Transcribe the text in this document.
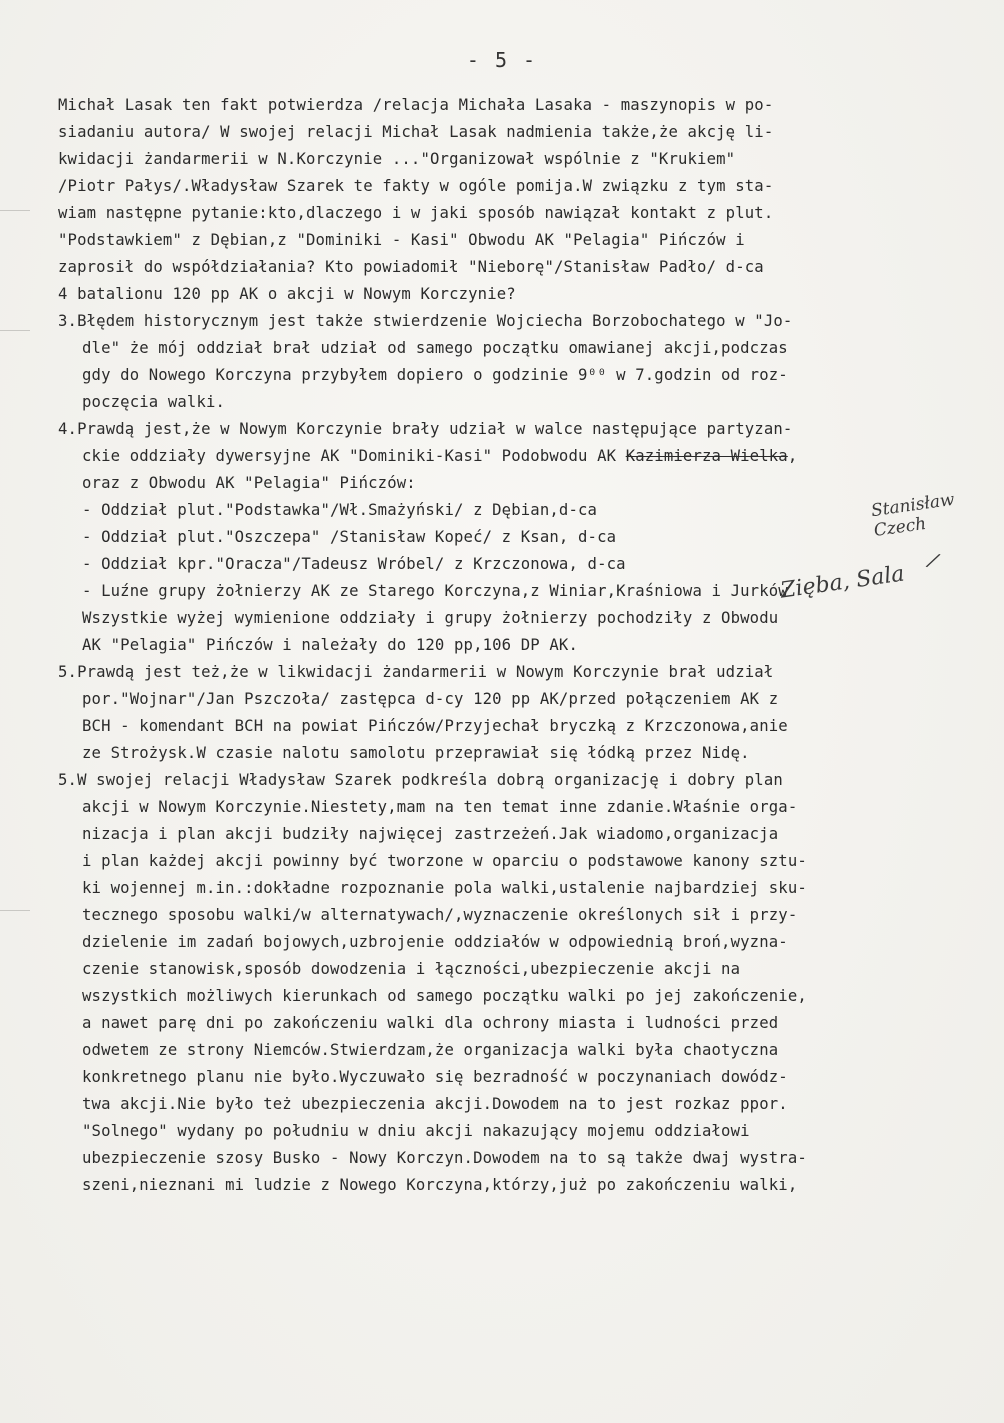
- 5 -
Michał Lasak ten fakt potwierdza /relacja Michała Lasaka - maszynopis w po-
siadaniu autora/ W swojej relacji Michał Lasak nadmienia także,że akcję li-
kwidacji żandarmerii w N.Korczynie ..."Organizował wspólnie z "Krukiem"
/Piotr Pałys/.Władysław Szarek te fakty w ogóle pomija.W związku z tym sta-
wiam następne pytanie:kto,dlaczego i w jaki sposób nawiązał kontakt z plut.
"Podstawkiem" z Dębian,z "Dominiki - Kasi" Obwodu AK "Pelagia" Pińczów i
zaprosił do współdziałania? Kto powiadomił "Nieborę"/Stanisław Padło/ d-ca
4 batalionu 120 pp AK o akcji w Nowym Korczynie?
3.Błędem historycznym jest także stwierdzenie Wojciecha Borzobochatego w "Jo-
dle" że mój oddział brał udział od samego początku omawianej akcji,podczas
gdy do Nowego Korczyna przybyłem dopiero o godzinie 9⁰⁰ w 7.godzin od roz-
poczęcia walki.
4.Prawdą jest,że w Nowym Korczynie brały udział w walce następujące partyzan-
ckie oddziały dywersyjne AK "Dominiki-Kasi" Podobwodu AK Kazimierza Wielka,
oraz z Obwodu AK "Pelagia" Pińczów:
- Oddział plut."Podstawka"/Wł.Smażyński/ z Dębian,d-ca
- Oddział plut."Oszczepa" /Stanisław Kopeć/ z Ksan, d-ca
- Oddział kpr."Oracza"/Tadeusz Wróbel/ z Krzczonowa, d-ca
- Luźne grupy żołnierzy AK ze Starego Korczyna,z Winiar,Kraśniowa i Jurków
Wszystkie wyżej wymienione oddziały i grupy żołnierzy pochodziły z Obwodu
AK "Pelagia" Pińczów i należały do 120 pp,106 DP AK.
5.Prawdą jest też,że w likwidacji żandarmerii w Nowym Korczynie brał udział
por."Wojnar"/Jan Pszczoła/ zastępca d-cy 120 pp AK/przed połączeniem AK z
BCH - komendant BCH na powiat Pińczów/Przyjechał bryczką z Krzczonowa,anie
ze Strożysk.W czasie nalotu samolotu przeprawiał się łódką przez Nidę.
5.W swojej relacji Władysław Szarek podkreśla dobrą organizację i dobry plan
akcji w Nowym Korczynie.Niestety,mam na ten temat inne zdanie.Właśnie orga-
nizacja i plan akcji budziły najwięcej zastrzeżeń.Jak wiadomo,organizacja
i plan każdej akcji powinny być tworzone w oparciu o podstawowe kanony sztu-
ki wojennej m.in.:dokładne rozpoznanie pola walki,ustalenie najbardziej sku-
tecznego sposobu walki/w alternatywach/,wyznaczenie określonych sił i przy-
dzielenie im zadań bojowych,uzbrojenie oddziałów w odpowiednią broń,wyzna-
czenie stanowisk,sposób dowodzenia i łączności,ubezpieczenie akcji na
wszystkich możliwych kierunkach od samego początku walki po jej zakończenie,
a nawet parę dni po zakończeniu walki dla ochrony miasta i ludności przed
odwetem ze strony Niemców.Stwierdzam,że organizacja walki była chaotyczna
konkretnego planu nie było.Wyczuwało się bezradność w poczynaniach dowódz-
twa akcji.Nie było też ubezpieczenia akcji.Dowodem na to jest rozkaz ppor.
"Solnego" wydany po południu w dniu akcji nakazujący mojemu oddziałowi
ubezpieczenie szosy Busko - Nowy Korczyn.Dowodem na to są także dwaj wystra-
szeni,nieznani mi ludzie z Nowego Korczyna,którzy,już po zakończeniu walki,
Stanisław Czech
Zięba, Sala
/
